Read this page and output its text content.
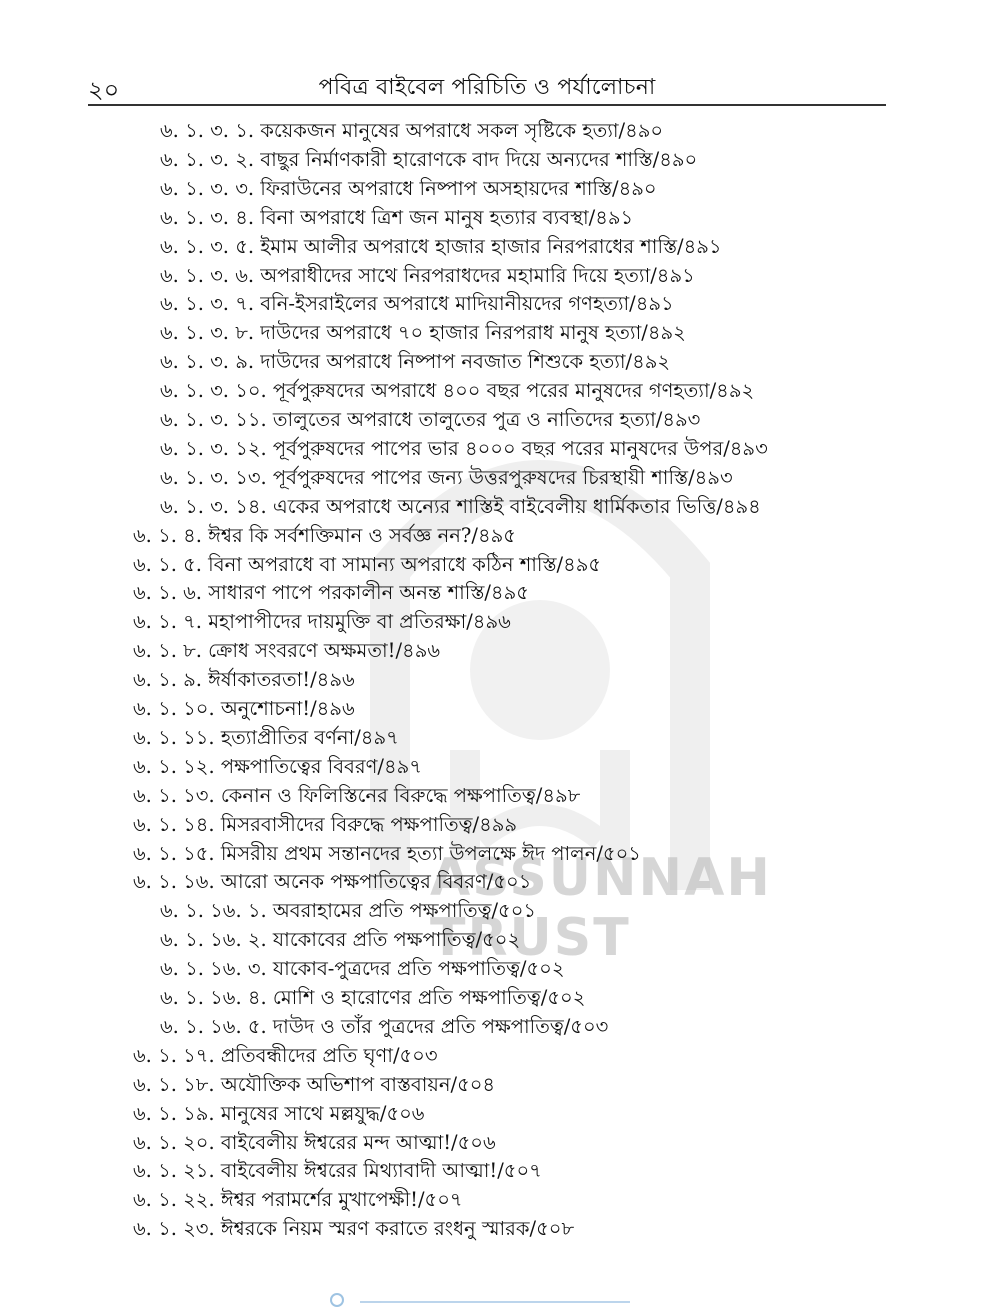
২০	পবিত্র বাইবেল পরিচিতি ও পর্যালোচনা
ASSUNNAH TRUST
৬. ১. ৩. ১. কয়েকজন মানুষের অপরাধে সকল সৃষ্টিকে হত্যা/৪৯০
৬. ১. ৩. ২. বাছুর নির্মাণকারী হারোণকে বাদ দিয়ে অন্যদের শাস্তি/৪৯০
৬. ১. ৩. ৩. ফিরাউনের অপরাধে নিষ্পাপ অসহায়দের শাস্তি/৪৯০
৬. ১. ৩. ৪. বিনা অপরাধে ত্রিশ জন মানুষ হত্যার ব্যবস্থা/৪৯১
৬. ১. ৩. ৫. ইমাম আলীর অপরাধে হাজার হাজার নিরপরাধের শাস্তি/৪৯১
৬. ১. ৩. ৬. অপরাধীদের সাথে নিরপরাধদের মহামারি দিয়ে হত্যা/৪৯১
৬. ১. ৩. ৭. বনি-ইসরাইলের অপরাধে মাদিয়ানীয়দের গণহত্যা/৪৯১
৬. ১. ৩. ৮. দাউদের অপরাধে ৭০ হাজার নিরপরাধ মানুষ হত্যা/৪৯২
৬. ১. ৩. ৯. দাউদের অপরাধে নিষ্পাপ নবজাত শিশুকে হত্যা/৪৯২
৬. ১. ৩. ১০. পূর্বপুরুষদের অপরাধে ৪০০ বছর পরের মানুষদের গণহত্যা/৪৯২
৬. ১. ৩. ১১. তালুতের অপরাধে তালুতের পুত্র ও নাতিদের হত্যা/৪৯৩
৬. ১. ৩. ১২. পূর্বপুরুষদের পাপের ভার ৪০০০ বছর পরের মানুষদের উপর/৪৯৩
৬. ১. ৩. ১৩. পূর্বপুরুষদের পাপের জন্য উত্তরপুরুষদের চিরস্থায়ী শাস্তি/৪৯৩
৬. ১. ৩. ১৪. একের অপরাধে অন্যের শাস্তিই বাইবেলীয় ধার্মিকতার ভিত্তি/৪৯৪
৬. ১. ৪. ঈশ্বর কি সর্বশক্তিমান ও সর্বজ্ঞ নন?/৪৯৫
৬. ১. ৫. বিনা অপরাধে বা সামান্য অপরাধে কঠিন শাস্তি/৪৯৫
৬. ১. ৬. সাধারণ পাপে পরকালীন অনন্ত শাস্তি/৪৯৫
৬. ১. ৭. মহাপাপীদের দায়মুক্তি বা প্রতিরক্ষা/৪৯৬
৬. ১. ৮. ক্রোধ সংবরণে অক্ষমতা!/৪৯৬
৬. ১. ৯. ঈর্ষাকাতরতা!/৪৯৬
৬. ১. ১০. অনুশোচনা!/৪৯৬
৬. ১. ১১. হত্যাপ্রীতির বর্ণনা/৪৯৭
৬. ১. ১২. পক্ষপাতিত্বের বিবরণ/৪৯৭
৬. ১. ১৩. কেনান ও ফিলিস্তিনের বিরুদ্ধে পক্ষপাতিত্ব/৪৯৮
৬. ১. ১৪. মিসরবাসীদের বিরুদ্ধে পক্ষপাতিত্ব/৪৯৯
৬. ১. ১৫. মিসরীয় প্রথম সন্তানদের হত্যা উপলক্ষে ঈদ পালন/৫০১
৬. ১. ১৬. আরো অনেক পক্ষপাতিত্বের বিবরণ/৫০১
৬. ১. ১৬. ১. অবরাহামের প্রতি পক্ষপাতিত্ব/৫০১
৬. ১. ১৬. ২. যাকোবের প্রতি পক্ষপাতিত্ব/৫০২
৬. ১. ১৬. ৩. যাকোব-পুত্রদের প্রতি পক্ষপাতিত্ব/৫০২
৬. ১. ১৬. ৪. মোশি ও হারোণের প্রতি পক্ষপাতিত্ব/৫০২
৬. ১. ১৬. ৫. দাউদ ও তাঁর পুত্রদের প্রতি পক্ষপাতিত্ব/৫০৩
৬. ১. ১৭. প্রতিবন্ধীদের প্রতি ঘৃণা/৫০৩
৬. ১. ১৮. অযৌক্তিক অভিশাপ বাস্তবায়ন/৫০৪
৬. ১. ১৯. মানুষের সাথে মল্লযুদ্ধ/৫০৬
৬. ১. ২০. বাইবেলীয় ঈশ্বরের মন্দ আত্মা!/৫০৬
৬. ১. ২১. বাইবেলীয় ঈশ্বরের মিথ্যাবাদী আত্মা!/৫০৭
৬. ১. ২২. ঈশ্বর পরামর্শের মুখাপেক্ষী!/৫০৭
৬. ১. ২৩. ঈশ্বরকে নিয়ম স্মরণ করাতে রংধনু স্মারক/৫০৮
